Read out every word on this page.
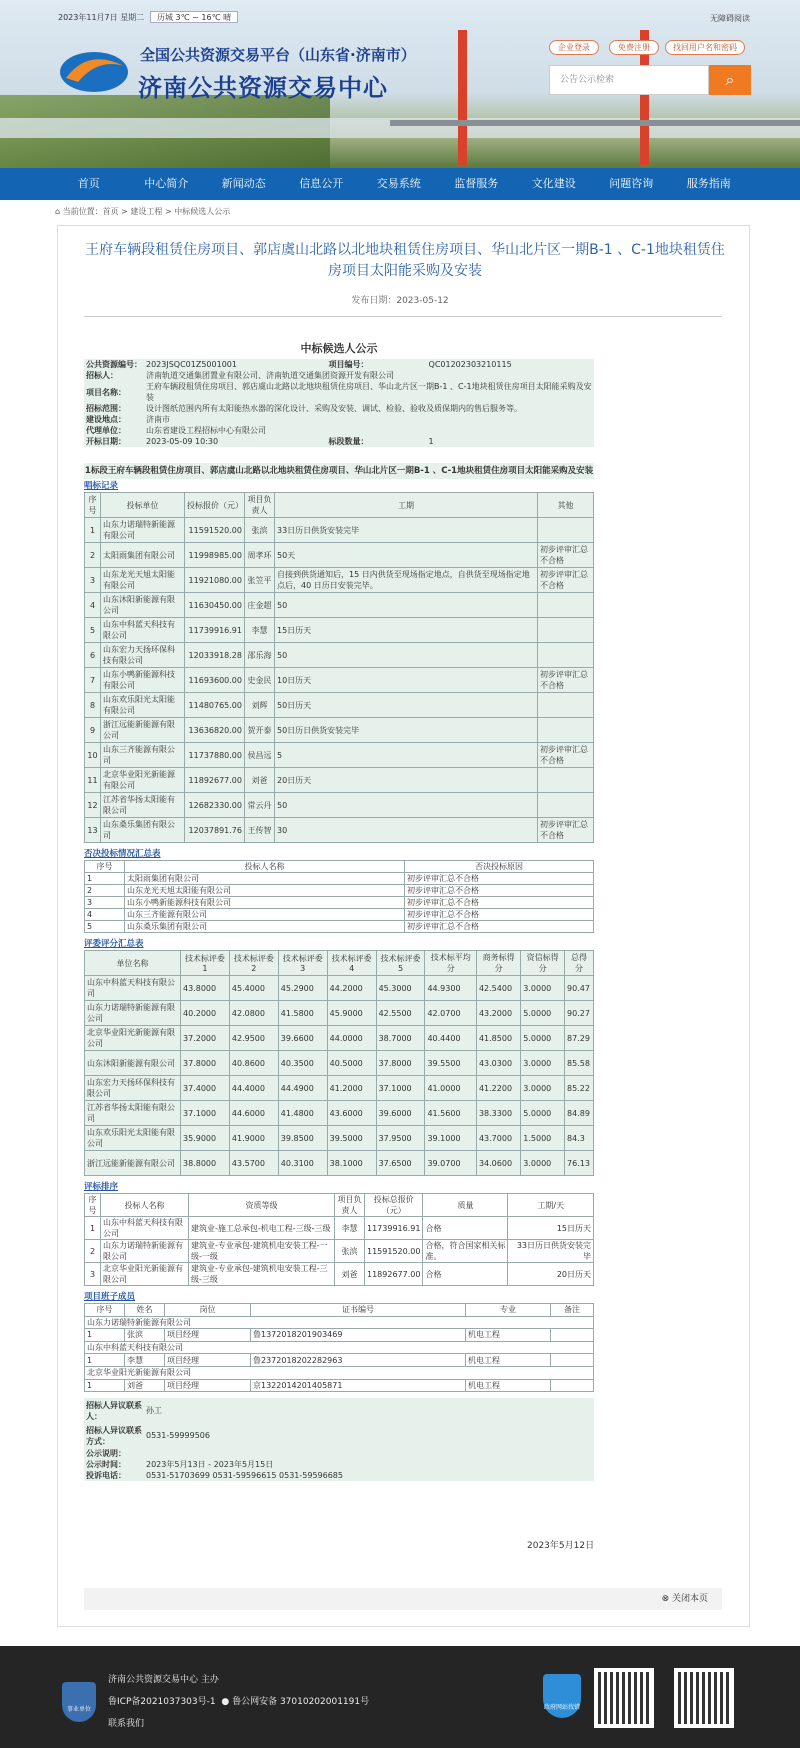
2023年11月7日 星期二	历城 3℃ ~ 16℃ 晴	无障碍阅读
全国公共资源交易平台（山东省·济南市）
济南公共资源交易中心
企业登录	免费注册	找回用户名和密码
公告公示检索	⌕
首页	中心简介	新闻动态	信息公开	交易系统	监督服务	文化建设	问题咨询	服务指南
⌂ 当前位置：首页 > 建设工程 > 中标候选人公示
王府车辆段租赁住房项目、郭店虞山北路以北地块租赁住房项目、华山北片区一期B-1 、C-1地块租赁住房项目太阳能采购及安装
发布日期：2023-05-12
中标候选人公示
公共资源编号：	2023JSQC01Z5001001	项目编号：	QC01202303210115
招标人：	济南轨道交通集团置业有限公司、济南轨道交通集团资源开发有限公司		
项目名称：	王府车辆段租赁住房项目、郭店虞山北路以北地块租赁住房项目、华山北片区一期B-1 、C-1地块租赁住房项目太阳能采购及安装		
招标范围：	设计图纸范围内所有太阳能热水器的深化设计、采购及安装、调试、检验、验收及质保期内的售后服务等。		
建设地点：	济南市		
代理单位：	山东省建设工程招标中心有限公司		
开标日期：	2023-05-09 10:30	标段数量：	1
1标段王府车辆段租赁住房项目、郭店虞山北路以北地块租赁住房项目、华山北片区一期B-1 、C-1地块租赁住房项目太阳能采购及安装
唱标记录
序号	投标单位	投标报价（元）	项目负责人	工期	其他
1	山东力诺瑞特新能源有限公司	11591520.00	张滨	33日历日供货安装完毕	
2	太阳雨集团有限公司	11998985.00	周孝环	50天	初步评审汇总不合格
3	山东龙光天旭太阳能有限公司	11921080.00	张笠平	自接到供货通知后，15 日内供货至现场指定地点，自供货至现场指定地点后，40 日历日安装完毕。	初步评审汇总不合格
4	山东沐阳新能源有限公司	11630450.00	庄金超	50	
5	山东中科蓝天科技有限公司	11739916.91	李慧	15日历天	
6	山东宏力天扬环保科技有限公司	12033918.28	邵乐海	50	
7	山东小鸭新能源科技有限公司	11693600.00	史金民	10日历天	初步评审汇总不合格
8	山东欢乐阳光太阳能有限公司	11480765.00	刘辉	50日历天	
9	浙江远能新能源有限公司	13636820.00	贺开泰	50日历日供货安装完毕	
10	山东三齐能源有限公司	11737880.00	侯昌远	5	初步评审汇总不合格
11	北京华业阳光新能源有限公司	11892677.00	刘爸	20日历天	
12	江苏省华扬太阳能有限公司	12682330.00	常云丹	50	
13	山东桑乐集团有限公司	12037891.76	王传智	30	初步评审汇总不合格
否决投标情况汇总表
序号	投标人名称	否决投标原因
1	太阳雨集团有限公司	初步评审汇总不合格
2	山东龙光天旭太阳能有限公司	初步评审汇总不合格
3	山东小鸭新能源科技有限公司	初步评审汇总不合格
4	山东三齐能源有限公司	初步评审汇总不合格
5	山东桑乐集团有限公司	初步评审汇总不合格
评委评分汇总表
单位名称	技术标评委1	技术标评委2	技术标评委3	技术标评委4	技术标评委5	技术标平均分	商务标得分	资信标得分	总得分
山东中科蓝天科技有限公司	43.8000	45.4000	45.2900	44.2000	45.3000	44.9300	42.5400	3.0000	90.47
山东力诺瑞特新能源有限公司	40.2000	42.0800	41.5800	45.9000	42.5500	42.0700	43.2000	5.0000	90.27
北京华业阳光新能源有限公司	37.2000	42.9500	39.6600	44.0000	38.7000	40.4400	41.8500	5.0000	87.29
山东沐阳新能源有限公司	37.8000	40.8600	40.3500	40.5000	37.8000	39.5500	43.0300	3.0000	85.58
山东宏力天扬环保科技有限公司	37.4000	44.4000	44.4900	41.2000	37.1000	41.0000	41.2200	3.0000	85.22
江苏省华扬太阳能有限公司	37.1000	44.6000	41.4800	43.6000	39.6000	41.5600	38.3300	5.0000	84.89
山东欢乐阳光太阳能有限公司	35.9000	41.9000	39.8500	39.5000	37.9500	39.1000	43.7000	1.5000	84.3
浙江远能新能源有限公司	38.8000	43.5700	40.3100	38.1000	37.6500	39.0700	34.0600	3.0000	76.13
评标排序
序号	投标人名称	资质等级	项目负责人	投标总报价（元）	质量	工期/天
1	山东中科蓝天科技有限公司	建筑业-施工总承包-机电工程-三级-三级	李慧	11739916.91	合格	15日历天
2	山东力诺瑞特新能源有限公司	建筑业-专业承包-建筑机电安装工程-一级-一级	张滨	11591520.00	合格，符合国家相关标准。	33日历日供货安装完毕
3	北京华业阳光新能源有限公司	建筑业-专业承包-建筑机电安装工程-三级-三级	刘爸	11892677.00	合格	20日历天
项目班子成员
序号	姓名	岗位	证书编号	专业	备注
山东力诺瑞特新能源有限公司					
1	张滨	项目经理	鲁1372018201903469	机电工程	
山东中科蓝天科技有限公司					
1	李慧	项目经理	鲁2372018202282963	机电工程	
北京华业阳光新能源有限公司					
1	刘爸	项目经理	京1322014201405871	机电工程	
招标人异议联系人：	孙工
招标人异议联系方式：	0531-59999506
公示说明：	
公示时间：	2023年5月13日 - 2023年5月15日
投诉电话：	0531-51703699 0531-59596615 0531-59596685
2023年5月12日
⊗ 关闭本页
事业单位
济南公共资源交易中心 主办
鲁ICP备2021037303号-1 ● 鲁公网安备 37010202001191号
联系我们
政府网站找错
